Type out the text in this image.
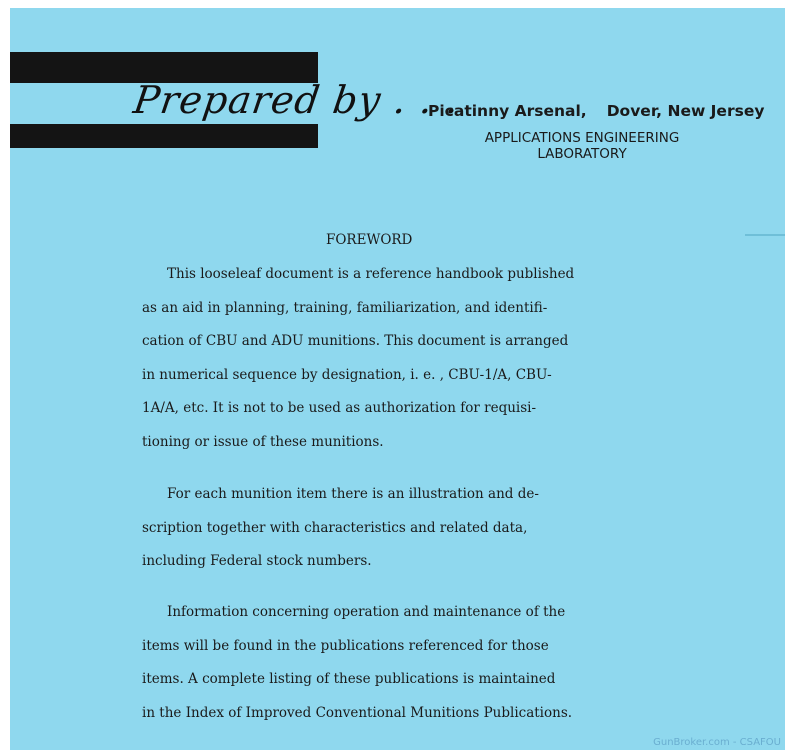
Prepared by . . .
Picatinny Arsenal, Dover, New Jersey
APPLICATIONS ENGINEERING
LABORATORY
FOREWORD
This looseleaf document is a reference handbook published
as an aid in planning, training, familiarization, and identifi-
cation of CBU and ADU munitions. This document is arranged
in numerical sequence by designation, i. e. , CBU-1/A, CBU-
1A/A, etc. It is not to be used as authorization for requisi-
tioning or issue of these munitions.
For each munition item there is an illustration and de-
scription together with characteristics and related data,
including Federal stock numbers.
Information concerning operation and maintenance of the
items will be found in the publications referenced for those
items. A complete listing of these publications is maintained
in the Index of Improved Conventional Munitions Publications.
GunBroker.com - CSAFOU
